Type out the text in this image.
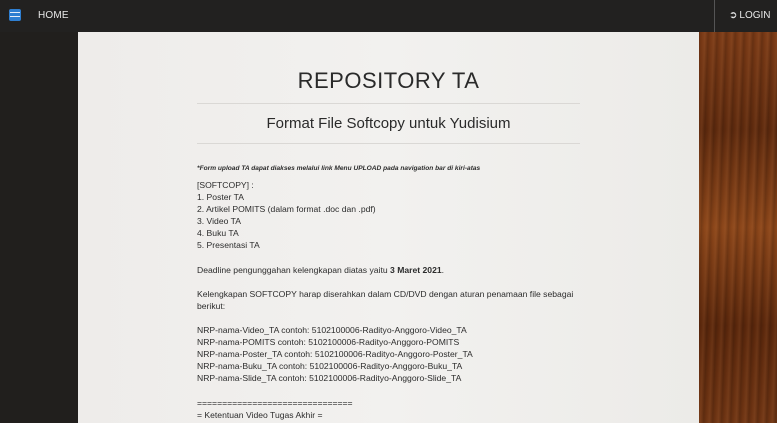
HOME	➲ LOGIN
REPOSITORY TA
Format File Softcopy untuk Yudisium
*Form upload TA dapat diakses melalui link Menu UPLOAD pada navigation bar di kiri-atas
[SOFTCOPY] :
1. Poster TA
2. Artikel POMITS (dalam format .doc dan .pdf)
3. Video TA
4. Buku TA
5. Presentasi TA
Deadline pengunggahan kelengkapan diatas yaitu 3 Maret 2021.
Kelengkapan SOFTCOPY harap diserahkan dalam CD/DVD dengan aturan penamaan file sebagai berikut:
NRP-nama-Video_TA contoh: 5102100006-Radityo-Anggoro-Video_TA
NRP-nama-POMITS contoh: 5102100006-Radityo-Anggoro-POMITS
NRP-nama-Poster_TA contoh: 5102100006-Radityo-Anggoro-Poster_TA
NRP-nama-Buku_TA contoh: 5102100006-Radityo-Anggoro-Buku_TA
NRP-nama-Slide_TA contoh: 5102100006-Radityo-Anggoro-Slide_TA
===============================
= Ketentuan Video Tugas Akhir =
